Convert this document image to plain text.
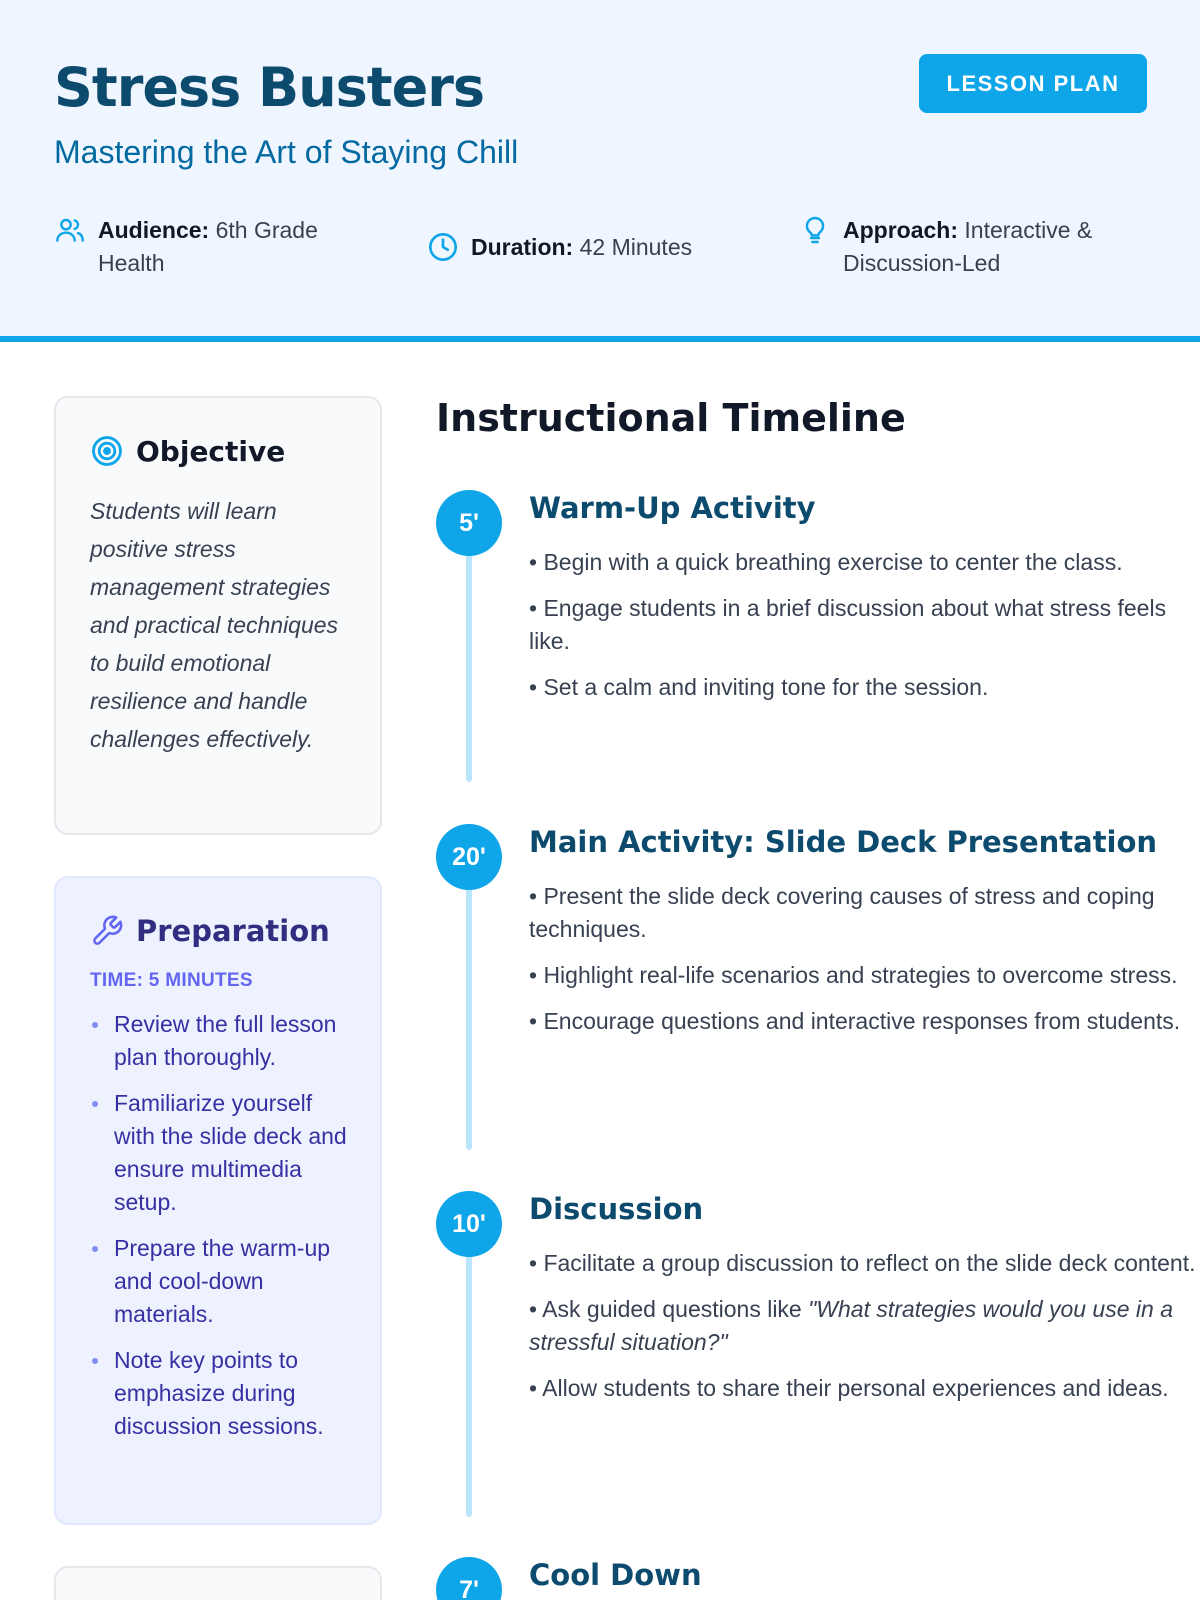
Stress Busters
Mastering the Art of Staying Chill
LESSON PLAN
Audience: 6th Grade Health
Duration: 42 Minutes
Approach: Interactive & Discussion-Led
Objective

Students will learn positive stress management strategies and practical techniques to build emotional resilience and handle challenges effectively.

Preparation
TIME: 5 MINUTES
Review the full lesson plan thoroughly.
Familiarize yourself with the slide deck and ensure multimedia setup.
Prepare the warm-up and cool-down materials.
Note key points to emphasize during discussion sessions.
Instructional Timeline
5'	Warm-Up Activity
• Begin with a quick breathing exercise to center the class.
• Engage students in a brief discussion about what stress feels like.
• Set a calm and inviting tone for the session.
20'	Main Activity: Slide Deck Presentation
• Present the slide deck covering causes of stress and coping techniques.
• Highlight real-life scenarios and strategies to overcome stress.
• Encourage questions and interactive responses from students.
10'	Discussion
• Facilitate a group discussion to reflect on the slide deck content.
• Ask guided questions like "What strategies would you use in a stressful situation?"
• Allow students to share their personal experiences and ideas.
7'	Cool Down
